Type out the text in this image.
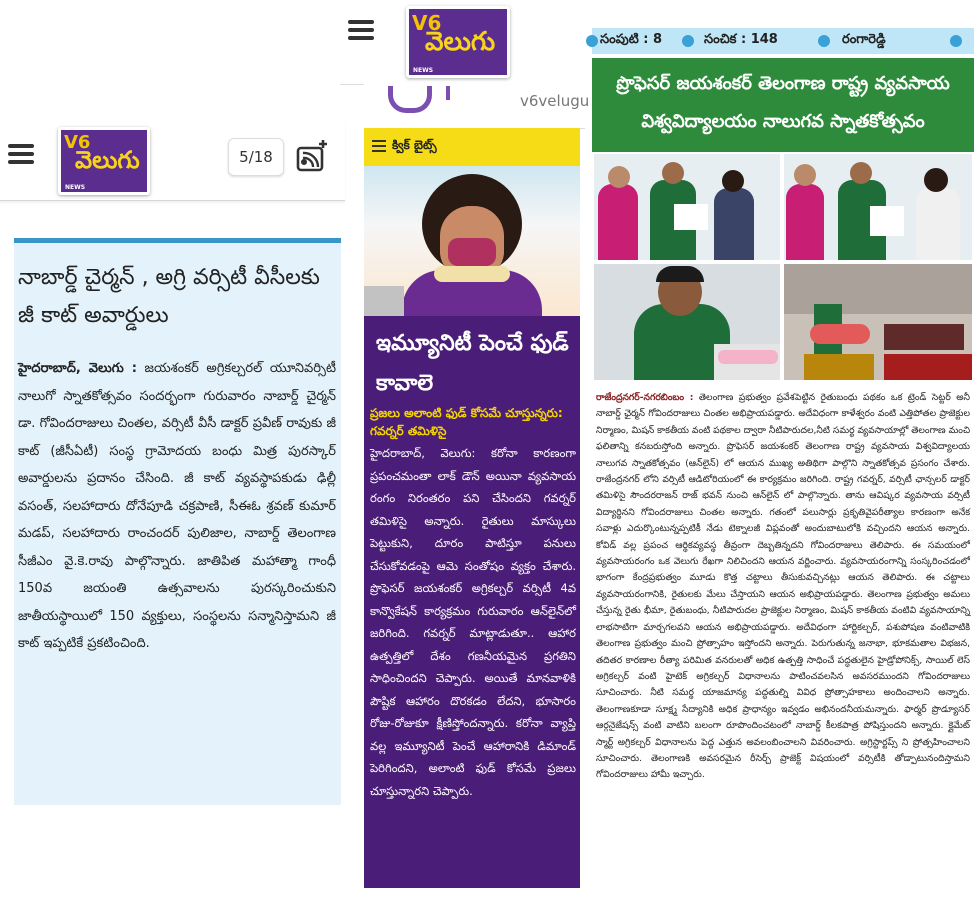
V6
వెలుగు
NEWS
5/18
నాబార్డ్ చైర్మన్ , అగ్రి వర్సిటీ వీసీలకు జీ కాట్ అవార్డులు
హైదరాబాద్, వెలుగు : జయశంకర్ అగ్రికల్చరల్ యూనివర్సిటీ నాలుగో స్నాతకోత్సవం సందర్భంగా గురువారం నాబార్డ్ చైర్మన్ డా. గోవిందరాజులు చింతల, వర్సిటీ వీసీ డాక్టర్ ప్రవీణ్ రావుకు జీ కాట్ (జీసీఏటీ) సంస్థ గ్రామోదయ బంధు మిత్ర పురస్కార్ అవార్డులను ప్రదానం చేసింది. జీ కాట్ వ్యవస్థాపకుడు ఢిల్లీ వసంత్, సలహాదారు దోనేపూడి చక్రపాణి, సీఈఓ శ్రవణ్ కుమార్ మడప్, సలహాదారు రాంచందర్ పులిజాల, నాబార్డ్ తెలంగాణ సీజీఎం వై.కె.రావు పాల్గొన్నారు. జాతిపిత మహాత్మా గాంధీ 150వ జయంతి ఉత్సవాలను పురస్కరించుకుని జాతీయస్థాయిలో 150 వ్యక్తులు, సంస్థలను సన్మానిస్తామని జీ కాట్ ఇప్పటికే ప్రకటించింది.
V6
వెలుగు
NEWS
v6velugu
క్విక్ బైట్స్
ఇమ్యూనిటీ పెంచే ఫుడ్ కావాలె
ప్రజలు అలాంటి ఫుడ్ కోసమే చూస్తున్నరు: గవర్నర్ తమిళిసై
హైదరాబాద్, వెలుగు: కరోనా కారణంగా ప్రపంచమంతా లాక్ డౌన్ అయినా వ్యవసాయ రంగం నిరంతరం పని చేసిందని గవర్నర్ తమిళిసై అన్నారు. రైతులు మాస్కులు పెట్టుకుని, దూరం పాటిస్తూ పనులు చేసుకోవడంపై ఆమె సంతోషం వ్యక్తం చేశారు. ప్రొఫెసర్ జయశంకర్ అగ్రికల్చర్ వర్సిటీ 4వ కాన్వొకేషన్ కార్యక్రమం గురువారం ఆన్‌లైన్‌లో జరిగింది. గవర్నర్ మాట్లాడుతూ.. ఆహార ఉత్పత్తిలో దేశం గణనీయమైన ప్రగతిని సాధించిందని చెప్పారు. అయితే మానవాళికి పౌష్టిక ఆహారం దొరకడం లేదని, భూసారం రోజు-రోజుకూ క్షీణిస్తోందన్నారు. కరోనా వ్యాప్తి వల్ల ఇమ్యూనిటీ పెంచే ఆహారానికి డిమాండ్ పెరిగిందని, అలాంటి ఫుడ్ కోసమే ప్రజలు చూస్తున్నారని చెప్పారు.
సంపుటి : 8	సంచిక : 148	రంగారెడ్డి
ప్రొఫెసర్ జయశంకర్ తెలంగాణ రాష్ట్ర వ్యవసాయ
విశ్వవిద్యాలయం నాలుగవ స్నాతకోత్సవం
రాజేంద్రనగర్-నగరబింబం : తెలంగాణ ప్రభుత్వం ప్రవేశపెట్టిన రైతుబంధు పథకం ఒక ట్రెండ్ సెట్టర్ అనీ నాబార్డ్ ఛైర్మన్ గోవిందరాజులు చింతల అభిప్రాయపడ్డారు. అదేవిధంగా కాళేశ్వరం వంటి ఎత్తిపోతల ప్రాజెక్టుల నిర్మాణం, మిషన్ కాకతీయ వంటి పథకాల ద్వారా నీటిపారుదల,నీటి సమర్థ వ్యవసాయాల్లో తెలంగాణ మంచి ఫలితాన్ని కనబరుస్తోంది అన్నారు. ప్రొఫెసర్ జయశంకర్ తెలంగాణ రాష్ట్ర వ్యవసాయ విశ్వవిద్యాలయ నాలుగవ స్నాతకోత్సవం (ఆన్‌లైన్) లో ఆయన ముఖ్య అతిథిగా పాల్గొని స్నాతకోత్సవ ప్రసంగం చేశారు. రాజేంద్రనగర్ లోని వర్సిటీ ఆడిటోరియంలో ఈ కార్యక్రమం జరిగింది. రాష్ట్ర గవర్నర్, వర్సిటీ ఛాన్సలర్ డాక్టర్ తమిళిసై సౌందరరాజన్ రాజ్ భవన్ నుంచి ఆన్‌లైన్ లో పాల్గొన్నారు. తాను ఆవిష్కర వ్యవసాయ వర్సిటీ విద్యార్థినని గోవిందరాజులు చింతల అన్నారు. గతంలో పలుసార్లు ప్రకృతివైపరీత్యాల కారణంగా అనేక సవాళ్లు ఎదుర్కొంటున్నప్పటికీ నేడు టెక్నాలజీ విప్లవంతో అందుబాటులోకి వచ్చిందని ఆయన అన్నారు. కోవిడ్ వల్ల ప్రపంచ ఆర్థికవ్యవస్థ తీవ్రంగా దెబ్బతిన్నదని గోవిందరాజులు తెలిపారు. ఈ సమయంలో వ్యవసాయరంగం ఒక వెలుగు రేఖగా నిలిచిందని ఆయన వర్ణించారు. వ్యవసాయరంగాన్ని సంస్కరించడంలో భాగంగా కేంద్రప్రభుత్వం మూడు కొత్త చట్టాలు తీసుకువచ్చినట్లు ఆయన తెలిపారు. ఈ చట్టాలు వ్యవసాయరంగానికి, రైతులకు మేలు చేస్తాయని ఆయన అభిప్రాయపడ్డారు. తెలంగాణ ప్రభుత్వం అమలు చేస్తున్న రైతు భీమా, రైతుబంధు, నీటిపారుదల ప్రాజెక్టుల నిర్మాణం, మిషన్ కాకతీయ వంటివి వ్యవసాయాన్ని లాభసాటిగా మార్చగలవని ఆయన అభిప్రాయపడ్డారు. అదేవిధంగా హార్టికల్చర్, పశుపోషణ వంటివాటికి తెలంగాణ ప్రభుత్వం మంచి ప్రోత్సాహం ఇస్తోందని అన్నారు. పెరుగుతున్న జనాభా, భూకమతాల విభజన, తదితర కారణాల రీత్యా పరిమిత వనరులతో అధిక ఉత్పత్తి సాధించే పద్ధతులైన హైడ్రోపోనిక్స్, సాయిల్ లెస్ అగ్రికల్చర్ వంటి హైటెక్ అగ్రికల్చర్ విధానాలను పాటించవలసిన అవసరముందని గోవిందరాజులు సూచించారు. నీటి సమర్థ యాజమాన్య పద్ధతుల్ని వివిధ ప్రోత్సాహకాలు అందించాలని అన్నారు. తెలంగాణకూడా సూక్ష్మ సేద్యానికి అధిక ప్రాధాన్యం ఇవ్వడం అభినందనీయమన్నారు. ఫార్మర్ ప్రొడ్యూసర్ ఆర్గనైజేషన్స్ వంటి వాటిని బలంగా రూపొందించటంలో నాబార్డ్ కీలకపాత్ర పోషిస్తుందని అన్నారు. క్లైమేట్ స్మార్ట్ అగ్రికల్చర్ విధానాలను పెద్ద ఎత్తున అవలంబించాలని వివరించారు. అగ్రిస్టార్టప్స్ ని ప్రోత్సహించాలని సూచించారు. తెలంగాణకి అవసరమైన రీసెర్చ్ ప్రాజెక్ట్ విషయంలో వర్సిటీకి తోడ్పాటునందిస్తామని గోవిందరాజులు హామీ ఇచ్చారు.
